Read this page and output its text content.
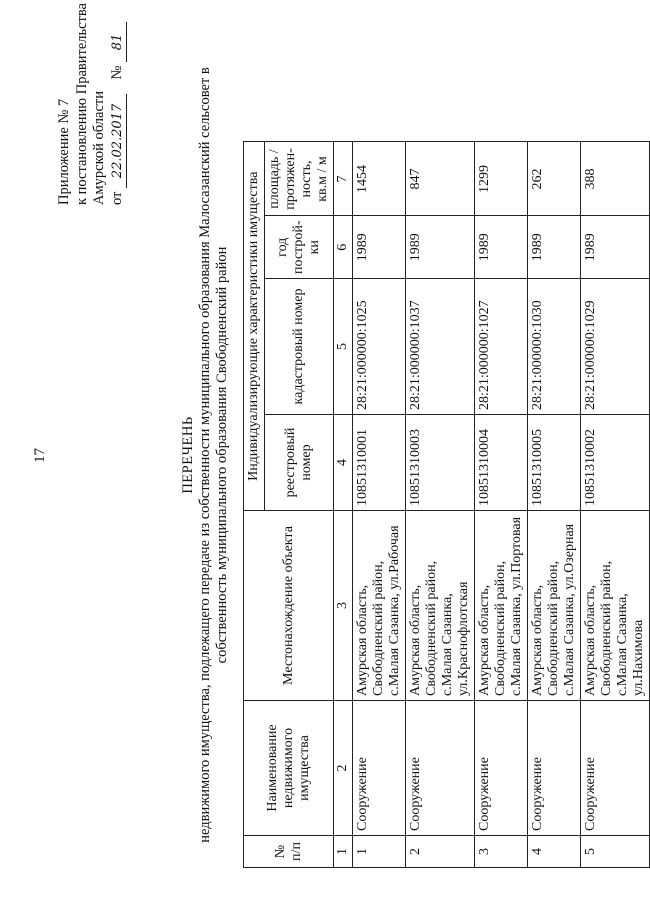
17
Приложение № 7 к постановлению Правительства Амурской области от 22.02.2017    № 81
ПЕРЕЧЕНЬ недвижимого имущества, подлежащего передаче из собственности муниципального образования Малосазанский сельсовет в собственность муниципального образования Свободненский район
№ п/п	Наименование недвижимого имущества	Местонахождение объекта	Индивидуализирующие характеристики имущества			
			реестровый номер	кадастровый номер	год построй-ки	площадь / протяжен-ность, кв.м / м
1	2	3	4	5	6	7
1	Сооружение	Амурская область, Свободненский район, с.Малая Сазанка, ул.Рабочая	10851310001	28:21:000000:1025	1989	1454
2	Сооружение	Амурская область, Свободненский район, с.Малая Сазанка, ул.Краснофлотская	10851310003	28:21:000000:1037	1989	847
3	Сооружение	Амурская область, Свободненский район, с.Малая Сазанка, ул.Портовая	10851310004	28:21:000000:1027	1989	1299
4	Сооружение	Амурская область, Свободненский район, с.Малая Сазанка, ул.Озерная	10851310005	28:21:000000:1030	1989	262
5	Сооружение	Амурская область, Свободненский район, с.Малая Сазанка, ул.Нахимова	10851310002	28:21:000000:1029	1989	388
